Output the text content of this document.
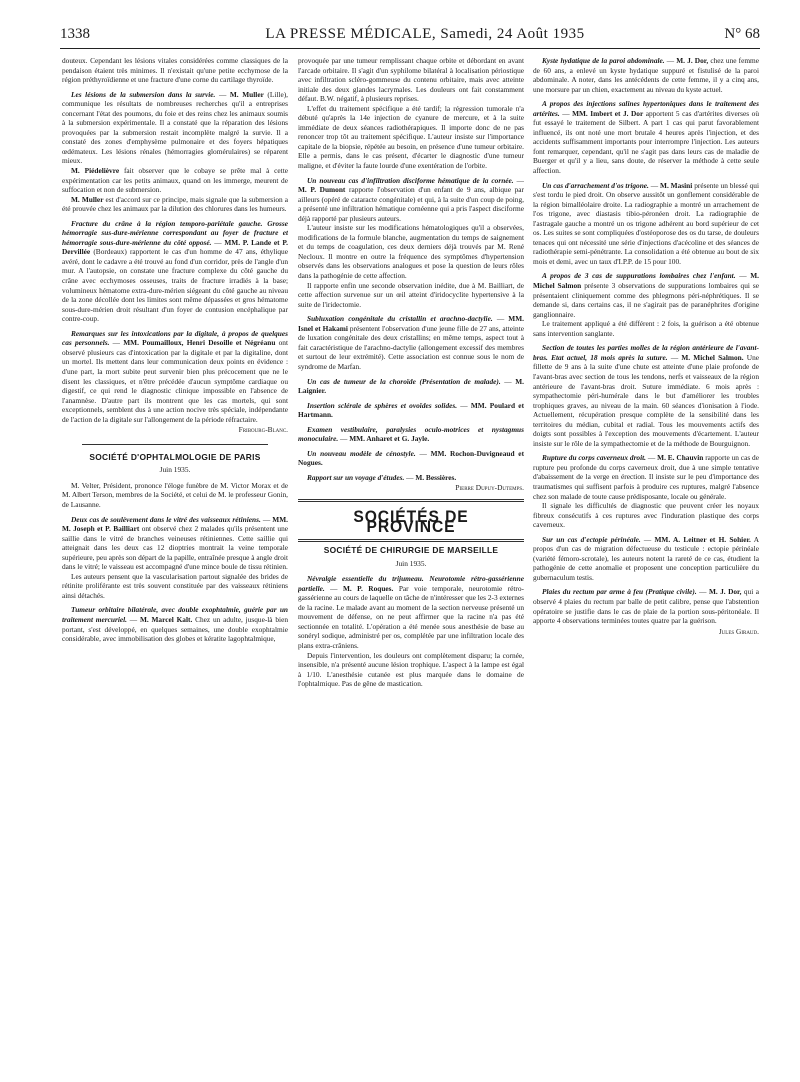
1338	LA PRESSE MÉDICALE, Samedi, 24 Août 1935	N° 68

douteux. Cependant les lésions vitales considérées comme classiques de la pendaison étaient très minimes. Il n'existait qu'une petite ecchymose de la région préthyroïdienne et une fracture d'une corne du cartilage thyroïde.

Les lésions de la submersion dans la survie. — M. Muller (Lille), communique les résultats de nombreuses recherches qu'il a entreprises concernant l'état des poumons, du foie et des reins chez les animaux soumis à la submersion expérimentale. Il a constaté que la réparation des lésions provoquées par la submersion restait incomplète malgré la survie. Il a constaté des zones d'emphysème pulmonaire et des foyers hépatiques œdémateux. Les lésions rénales (hémorragies glomérulaires) se réparent mieux.

M. Piédelièvre fait observer que le cobaye se prête mal à cette expérimentation car les petits animaux, quand on les immerge, meurent de suffocation et non de submersion.

M. Muller est d'accord sur ce principe, mais signale que la submersion a été prouvée chez les animaux par la dilution des chlorures dans les humeurs.

Fracture du crâne à la région temporo-pariétale gauche. Grosse hémorragie sus-dure-mérienne correspondant au foyer de fracture et hémorragie sous-dure-mérienne du côté opposé. — MM. P. Lande et P. Dervillée (Bordeaux) rapportent le cas d'un homme de 47 ans, éthylique avéré, dont le cadavre a été trouvé au fond d'un corridor, près de l'angle d'un mur. A l'autopsie, on constate une fracture complexe du côté gauche du crâne avec ecchymoses osseuses, traits de fracture irradiés à la base; volumineux hématome extra-dure-mérien siégeant du côté gauche au niveau de la zone décollée dont les limites sont même dépassées et gros hématome sous-dure-mérien droit résultant d'un foyer de contusion encéphalique par contre-coup.

Remarques sur les intoxications par la digitale, à propos de quelques cas personnels. — MM. Poumailloux, Henri Desoille et Négréanu ont observé plusieurs cas d'intoxication par la digitale et par la digitaline, dont un mortel. Ils mettent dans leur communication deux points en évidence : d'une part, la mort subite peut survenir bien plus précocement que ne le disent les classiques, et n'être précédée d'aucun symptôme cardiaque ou digestif, ce qui rend le diagnostic clinique impossible en l'absence de l'anamnèse. D'autre part ils montrent que les cas mortels, qui sont exceptionnels, semblent dus à une action nocive très spéciale, indépendante de l'action de la digitale sur l'allongement de la période réfractaire.

Fribourg-Blanc.

SOCIÉTÉ D'OPHTALMOLOGIE DE PARIS
Juin 1935.

M. Velter, Président, prononce l'éloge funèbre de M. Victor Morax et de M. Albert Terson, membres de la Société, et celui de M. le professeur Gonin, de Lausanne.

Deux cas de soulèvement dans le vitré des vaisseaux rétiniens. — MM. M. Joseph et P. Bailliart ont observé chez 2 malades qu'ils présentent une saillie dans le vitré de branches veineuses rétiniennes. Cette saillie qui atteignait dans les deux cas 12 dioptries montrait la veine temporale supérieure, peu après son départ de la papille, entraînée presque à angle droit dans le vitré; le vaisseau est accompagné d'une mince boule de tissu rétinien.

Les auteurs pensent que la vascularisation partout signalée des brides de rétinite proliférante est très souvent constituée par des vaisseaux rétiniens ainsi détachés.

Tumeur orbitaire bilatérale, avec double exophtalmie, guérie par un traitement mercuriel. — M. Marcel Kalt. Chez un adulte, jusque-là bien portant, s'est développé, en quelques semaines, une double exophtalmie considérable, avec immobilisation des globes et kératite lagophtalmique,

provoquée par une tumeur remplissant chaque orbite et débordant en avant l'arcade orbitaire. Il s'agit d'un syphilome bilatéral à localisation périostique avec infiltration scléro-gommeuse du contenu orbitaire, mais avec atteinte initiale des deux glandes lacrymales. Les douleurs ont fait constamment défaut. B.W. négatif, à plusieurs reprises.

L'effet du traitement spécifique a été tardif; la régression tumorale n'a débuté qu'après la 14e injection de cyanure de mercure, et à la suite immédiate de deux séances radiothérapiques. Il importe donc de ne pas renoncer trop tôt au traitement spécifique. L'auteur insiste sur l'importance capitale de la biopsie, répétée au besoin, en présence d'une tumeur orbitaire. Elle a permis, dans le cas présent, d'écarter le diagnostic d'une tumeur maligne, et d'éviter la faute lourde d'une exentération de l'orbite.

Un nouveau cas d'infiltration disciforme hématique de la cornée. — M. P. Dumont rapporte l'observation d'un enfant de 9 ans, albique par ailleurs (opéré de cataracte congénitale) et qui, à la suite d'un coup de poing, a présenté une infiltration hématique cornéenne qui a pris l'aspect disciforme déjà rapporté par plusieurs auteurs.

L'auteur insiste sur les modifications hématologiques qu'il a observées, modifications de la formule blanche, augmentation du temps de saignement et du temps de coagulation, ces deux derniers déjà trouvés par M. René Necloux. Il montre en outre la fréquence des symptômes d'hypertension observés dans les observations analogues et pose la question de leurs rôles dans la pathogénie de cette affection.

Il rapporte enfin une seconde observation inédite, due à M. Bailliart, de cette affection survenue sur un œil atteint d'iridocyclite hypertensive à la suite de l'iridectomie.

Subluxation congénitale du cristallin et arachno-dactylie. — MM. Isnel et Hakami présentent l'observation d'une jeune fille de 27 ans, atteinte de luxation congénitale des deux cristallins; en même temps, aspect tout à fait caractéristique de l'arachno-dactylie (allongement excessif des membres et surtout de leur extrémité). Cette association est connue sous le nom de syndrome de Marfan.

Un cas de tumeur de la choroïde (Présentation de malade). — M. Laignier.

Insertion sclérale de sphères et ovoïdes solides. — MM. Poulard et Hartmann.

Examen vestibulaire, paralysies oculo-motrices et nystagmus monoculaire. — MM. Anharet et G. Jayle.

Un nouveau modèle de cénostyle. — MM. Rochon-Duvigneaud et Nogues.

Rapport sur un voyage d'études. — M. Bessières.

Pierre Dupuy-Dutemps.

SOCIÉTÉS DE PROVINCE
SOCIÉTÉ DE CHIRURGIE DE MARSEILLE
Juin 1935.

Névralgie essentielle du trijumeau. Neurotomie rétro-gassérienne partielle. — M. P. Roques. Par voie temporale, neurotomie rétro-gassérienne au cours de laquelle on tâche de n'intéresser que les 2-3 externes de la racine. Le malade avant au moment de la section nerveuse présenté un mouvement de défense, on ne peut affirmer que la racine n'a pas été sectionnée en totalité. L'opération a été menée sous anesthésie de base au sonéryl sodique, administré per os, complétée par une infiltration locale des plans extra-crâniens.

Depuis l'intervention, les douleurs ont complètement disparu; la cornée, insensible, n'a présenté aucune lésion trophique. L'aspect à la lampe est égal à 1/10. L'anesthésie cutanée est plus marquée dans le domaine de l'ophtalmique. Pas de gêne de mastication.

Kyste hydatique de la paroi abdominale. — M. J. Dor, chez une femme de 60 ans, a enlevé un kyste hydatique suppuré et fistulisé de la paroi abdominale. A noter, dans les antécédents de cette femme, il y a cinq ans, une morsure par un chien, exactement au niveau du kyste actuel.

A propos des injections salines hypertoniques dans le traitement des artérites. — MM. Imbert et J. Dor apportent 5 cas d'artérites diverses où fut essayé le traitement de Silbert. A part 1 cas qui parut favorablement influencé, ils ont noté une mort brutale 4 heures après l'injection, et des accidents suffisamment importants pour interrompre l'injection. Les auteurs font remarquer, cependant, qu'il ne s'agit pas dans leurs cas de maladie de Buerger et qu'il y a lieu, sans doute, de réserver la méthode à cette seule affection.

Un cas d'arrachement d'os trigone. — M. Masini présente un blessé qui s'est tordu le pied droit. On observe aussitôt un gonflement considérable de la région bimalléolaire droite. La radiographie a montré un arrachement de l'os trigone, avec diastasis tibio-péronéen droit. La radiographie de l'astragale gauche a montré un os trigone adhérent au bord supérieur de cet os. Les suites se sont compliquées d'ostéoporose des os du tarse, de douleurs tenaces qui ont nécessité une série d'injections d'acécoline et des séances de radiothérapie semi-pénétrante. La consolidation a été obtenue au bout de six mois et demi, avec un taux d'I.P.P. de 15 pour 100.

A propos de 3 cas de suppurations lombaires chez l'enfant. — M. Michel Salmon présente 3 observations de suppurations lombaires qui se présentaient cliniquement comme des phlegmons péri-néphrétiques. Il se demande si, dans certains cas, il ne s'agirait pas de paranéphrites d'origine ganglionnaire.

Le traitement appliqué a été différent : 2 fois, la guérison a été obtenue sans intervention sanglante.

Section de toutes les parties molles de la région antérieure de l'avant-bras. Etat actuel, 18 mois après la suture. — M. Michel Salmon. Une fillette de 9 ans à la suite d'une chute est atteinte d'une plaie profonde de l'avant-bras avec section de tous les tendons, nerfs et vaisseaux de la région antérieure de l'avant-bras droit. Suture immédiate. 6 mois après : sympathectomie péri-humérale dans le but d'améliorer les troubles trophiques graves, au niveau de la main. 60 séances d'ionisation à l'iode. Actuellement, récupération presque complète de la sensibilité dans les territoires du médian, cubital et radial. Tous les mouvements actifs des doigts sont possibles à l'exception des mouvements d'écartement. L'auteur insiste sur le rôle de la sympathectomie et de la méthode de Bourguignon.

Rupture du corps caverneux droit. — M. E. Chauvin rapporte un cas de rupture peu profonde du corps caverneux droit, due à une simple tentative d'abaissement de la verge en érection. Il insiste sur le peu d'importance des traumatismes qui suffisent parfois à produire ces ruptures, malgré l'absence chez son malade de toute cause prédisposante, locale ou générale.

Il signale les difficultés de diagnostic que peuvent créer les noyaux fibreux consécutifs à ces ruptures avec l'induration plastique des corps caverneux.

Sur un cas d'ectopie périnéale. — MM. A. Leitner et H. Sohier. A propos d'un cas de migration défectueuse du testicule : ectopie périnéale (variété fémoro-scrotale), les auteurs notent la rareté de ce cas, étudient la pathogénie de cette anomalie et proposent une conception particulière du gubernaculum testis.

Plaies du rectum par arme à feu (Pratique civile). — M. J. Dor, qui a observé 4 plaies du rectum par balle de petit calibre, pense que l'abstention opératoire se justifie dans le cas de plaie de la portion sous-péritonéale. Il apporte 4 observations terminées toutes quatre par la guérison.

Jules Giraud.
